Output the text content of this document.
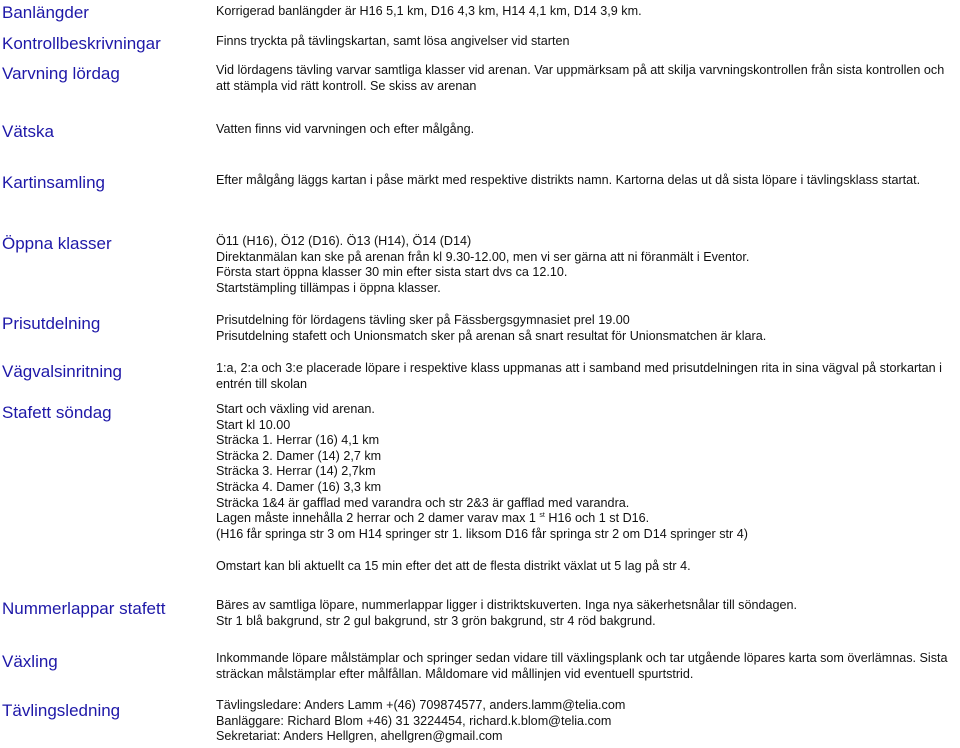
Banlängder
Kontrollbeskrivningar
Varvning lördag
Vätska
Kartinsamling
Öppna klasser
Prisutdelning
Vägvalsinritning
Stafett söndag
Nummerlappar stafett
Växling
Tävlingsledning
Korrigerad banlängder är H16 5,1 km, D16 4,3 km, H14 4,1 km, D14 3,9 km.
Finns tryckta på tävlingskartan, samt lösa angivelser vid starten
Vid lördagens tävling varvar samtliga klasser vid arenan. Var uppmärksam på att skilja varvningskontrollen från sista kontrollen och att stämpla vid rätt kontroll. Se skiss av arenan
Vatten finns vid varvningen och efter målgång.
Efter målgång läggs kartan i påse märkt med respektive distrikts namn. Kartorna delas ut då sista löpare i tävlingsklass startat.
Ö11 (H16), Ö12 (D16). Ö13 (H14), Ö14 (D14)
Direktanmälan kan ske på arenan från kl 9.30-12.00, men vi ser gärna att ni föranmält i Eventor.
Första start öppna klasser 30 min efter sista start dvs ca 12.10.
Startstämpling tillämpas i öppna klasser.
Prisutdelning för lördagens tävling sker på Fässbergsgymnasiet prel 19.00
Prisutdelning stafett och Unionsmatch sker på arenan så snart resultat för Unionsmatchen är klara.
1:a, 2:a och 3:e placerade löpare i respektive klass uppmanas att i samband med prisutdelningen rita in sina vägval på storkartan i entrén till skolan
Start och växling vid arenan.
Start kl 10.00
Sträcka 1. Herrar (16) 4,1 km
Sträcka 2. Damer (14) 2,7 km
Sträcka 3. Herrar (14) 2,7km
Sträcka 4. Damer (16) 3,3 km
Sträcka 1&4 är gafflad med varandra och str 2&3 är gafflad med varandra.
Lagen måste innehålla 2 herrar och 2 damer varav max 1 $^{st}$ H16 och 1 st D16.
(H16 får springa str 3 om H14 springer str 1. liksom D16 får springa str 2 om D14 springer str 4)
Omstart kan bli aktuellt ca 15 min efter det att de flesta distrikt växlat ut 5 lag på str 4.
Bäres av samtliga löpare, nummerlappar ligger i distriktskuverten. Inga nya säkerhetsnålar till söndagen.
Str 1 blå bakgrund, str 2 gul bakgrund, str 3 grön bakgrund, str 4 röd bakgrund.
Inkommande löpare målstämplar och springer sedan vidare till växlingsplank och tar utgående löpares karta som överlämnas. Sista sträckan målstämplar efter målfållan. Måldomare vid mållinjen vid eventuell spurtstrid.
Tävlingsledare: Anders Lamm +(46) 709874577, anders.lamm@telia.com
Banläggare: Richard Blom +46) 31 3224454, richard.k.blom@telia.com
Sekretariat: Anders Hellgren, ahellgren@gmail.com
